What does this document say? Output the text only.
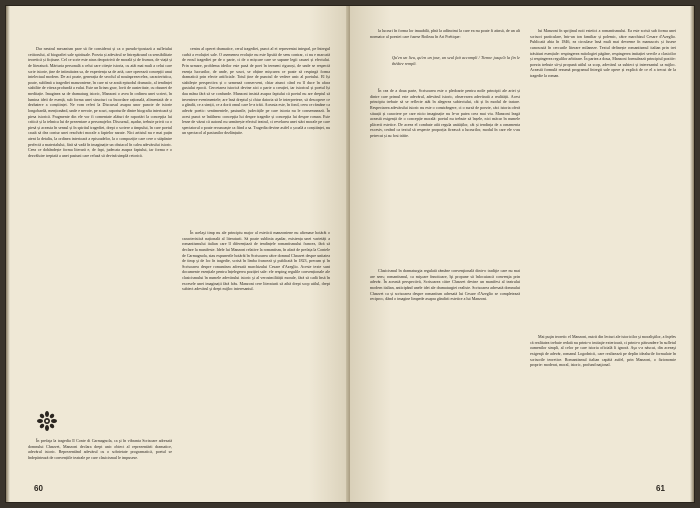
Dar neutrul mecanism pare să fie considerat și ca o pseudo-ipostază a sufletului cetitorului, al biografiei sale spirituale. Poezia și adevărul se întrepătrund ca sensibilitate teoretică și ficțiune. Cel ce scrie este atras deopotrivă de morală și de frumos, de viață și de literatură. Mărturia personală a celui care citește istoria, cu atât mai mult a celui care scrie istorie, ține de intimitatea sa, de experiența sa de artă, care operează concepții unui intelectual modern. De aci poate, generația de secolul al nouăsprezecelea, caracteristica, poate, sublimă a tragediei manzoniene, în care ni se arată episodul dramatic, al tendinței stabilite de viteza profundă a eului. Este un lirism grav, lovit de austeritate, cu răsunet de meditație. Imaginea sa de dramaturg istoric, Manzoni o avea în ordinea unei scrieri, în lumina ideii de esență, sub forma unei structuri cu încordare rațională, alimentată de o dezbatere a conștiinței. Ne vom referi la Discursul asupra unor puncte de istorie longobardă, menționând, unde e nevoie, pe scurt, raporturile dintre biografia interioară și piesa istorică. Fragmente din ele vor fi comentate alături de raportări la concepția lui critică și la tehnica lui de prezentare a personajelor. Discursul, așadar, trebuie privit ca o piesă și aceasta în sensul și în spiritul tragediei, drept o scriere a timpului, în care poetul caută să dea contur unei rezolvări morale a faptelor narate. Nici artistul nu e mai puțin atent la detaliu, la ordinea interioară a episoadelor, la o compoziție care cere o stăpânire perfectă a materialului, fără să vadă în imaginație un obstacol în calea adevărului istoric. Ceea ce dobândește forma literară e, de fapt, judecata asupra faptului, iar forma e o dezvăluire treptată a unei pasiuni care refuză să devină simplă retorică.

În prefaţa la tragedia Il Conte di Carmagnola, ca şi în vibranta Scrisoare adresată domnului Chauvet, Manzoni declara drept unic obiect al reprezentării dramatice, adevărul istoric. Reprezentând adevărul cu o sobrietate programatică, poetul se îndepărtează de convențiile teatrale pe care clasicismul le impusese.

centru al operei dramatice, cerul tragediei, punct al ei reprezentat integral, pe întregul curbă a evoluției sale. O asemenea evoluție nu este lipsită de sens contrar, ci nu e marcată de eroul tragediei pe de o parte, ci de o mișcare care se supune legii cauzei și efectului. Prin urmare, problema ideilor este pusă de poet în termeni riguroși, de unde se respectă esența lucrurilor, de unde, pe scurt, se obține mișcarea ce poate să respingă forma dramatică prin efecte artificiale. Totul ține de punctul de vedere unic al poetului. El își stabilește perspectiva și o urmează consecvent, chiar atunci când ea îl duce în afara gustului epocii. Cercetarea istorică devine aici o parte a creației, iar istoricul și poetul își dau mâna fără să se confunde. Manzoni insistă asupra faptului că poetul nu are dreptul să inventeze evenimentele; are însă dreptul și chiar datoria să le interpreteze, să descopere ce a gândit, ce a simțit, ce a dorit omul care le-a trăit. Aceasta este, în fond, ceea ce rămâne ca adevăr poetic: sentimentele, pasiunile, judecățile pe care istoria nu le consemnează. În acest punct se întâlnesc concepția lui despre tragedie și concepția lui despre roman. Este lesne de văzut că autorul nu urmărește efectul teatral, ci revelarea unei stări morale pe care spectatorul o poate recunoaște ca fiind a sa. Tragedia devine astfel o școală a conștiinței, nu un spectacol al pasiunilor dezlănțuite.

În acelaşi timp nu ale principiu major al esteticii manzoniene nu afirmase hotărât o caracteristică națională al literaturii. Să poate sublinia aşadar, existența unei varietăți a romantismului italian care îl diferențiază de tendințele romantismului francez, fără să declare la manifeste. Idele lui Manzoni relative la romantism, în afară de prefața la Contele de Carmagnola, stau expunerile hotărât în Scrisoarea către domnul Chauvet despre unitatea de timp şi de loc în tragedie, scrisă în limba franceză şi publicată în 1823, precum şi în Scrisoarea despre romantism adresată marchizului Cesare d'Azeglio. Aceste texte sunt documente esențiale pentru înțelegerea poziției sale: ele resping regulile convenționale ale clasicismului în numele adevărului istoric şi al verosimilității morale, fără să cadă însă în excesele unei imaginații fără frâu. Manzoni cere literaturii să aibă drept scop utilul, drept subiect adevărul şi drept mijloc interesantul.

60

la lucruri în forma lor imuabilă, pînă la adâncimi la care ea nu poate fi atinsă, de un alt normator al poeziei care fusese Boileau în Art Poétique:

Qu'en un lieu, qu'en un jour, un seul fait accompli / Tienne jusqu'à la fin le théâtre rempli.

În cea de a doua parte, Scrisoarea este o pledoarie pentru noile principii ale artei și dintre care primul este adevărul, adevărul istoric, observarea adevărată a realității. Acest principiu trebuie să se reflecte atât în alegerea subiectului, cât și în modul de tratare. Respectarea adevărului istoric nu este o constrângere, ci o sursă de poezie, căci istoria oferă situații și caractere pe care nicio imaginație nu le-ar putea crea mai viu. Manzoni leagă această exigență de o concepție morală: poetul nu trebuie să înșele, nici măcar în numele plăcerii estetice. De aceea el combate atât regula unităților, cât și tendința de a ornamenta excesiv, cerând ca textul să respecte proporția firească a lucrurilor, modul în care ele s-au petrecut și au fost trăite.

Clasicismul în dramaturgia regulată rămâne convenţională dintr-o tradiţie care nu mai are sens; romantismul, ca mişcare înnoitoare, îşi propune să înlocuiască convenţia prin adevăr. În această perspectivă, Scrisoarea către Chauvet devine un manifest al teatrului modern italian, anticipând unele idei ale dramaturgiei realiste. Scrisoarea adresată domnului Chauvet ca și scrisoarea despre romantism adresată lui Cesare d'Azeglio se completează reciproc, dând o imagine limpede asupra gândirii estetice a lui Manzoni.

lui Manzoni în sprijinul noii estetici a romantismului. Ea este scrisă sub forma unei scrisori particulare, într-un ton familiar și polemic, către marchizul Cesare d'Azeglio. Publicată abia în 1846, ea circulase însă mult mai devreme în manuscris și fusese cunoscută în cercurile literare milaneze. Textul definește romantismul italian prin trei trăsături esențiale: respingerea mitologiei păgâne, respingerea imitației servile a clasicilor și respingerea regulilor arbitrare. În partea a doua, Manzoni formulează principiul pozitiv: poezia trebuie să-și propună utilul ca scop, adevărul ca subiect și interesantul ca mijloc. Această formulă rezumă programul întregii sale opere și explică de ce el a trecut de la tragedie la roman.

Mai puţin teoretic el Manzoni, nutrit din lecturi ale istoricilor şi moraliştilor, a înţeles că realitatea trebuie redată nu printr-o imitaţie exterioară, ci printr-o pătrundere în sufletul oamenilor simpli, al celor pe care istoria oficială îi ignoră. Aşa s-a născut, din aceeaşi exigenţă de adevăr, romanul Logodnicii, care realizează pe deplin idealurile formulate în scrisorile teoretice. Romantismul italian capătă astfel, prin Manzoni, o fizionomie proprie: moderat, moral, istoric, profund naţional.

61
